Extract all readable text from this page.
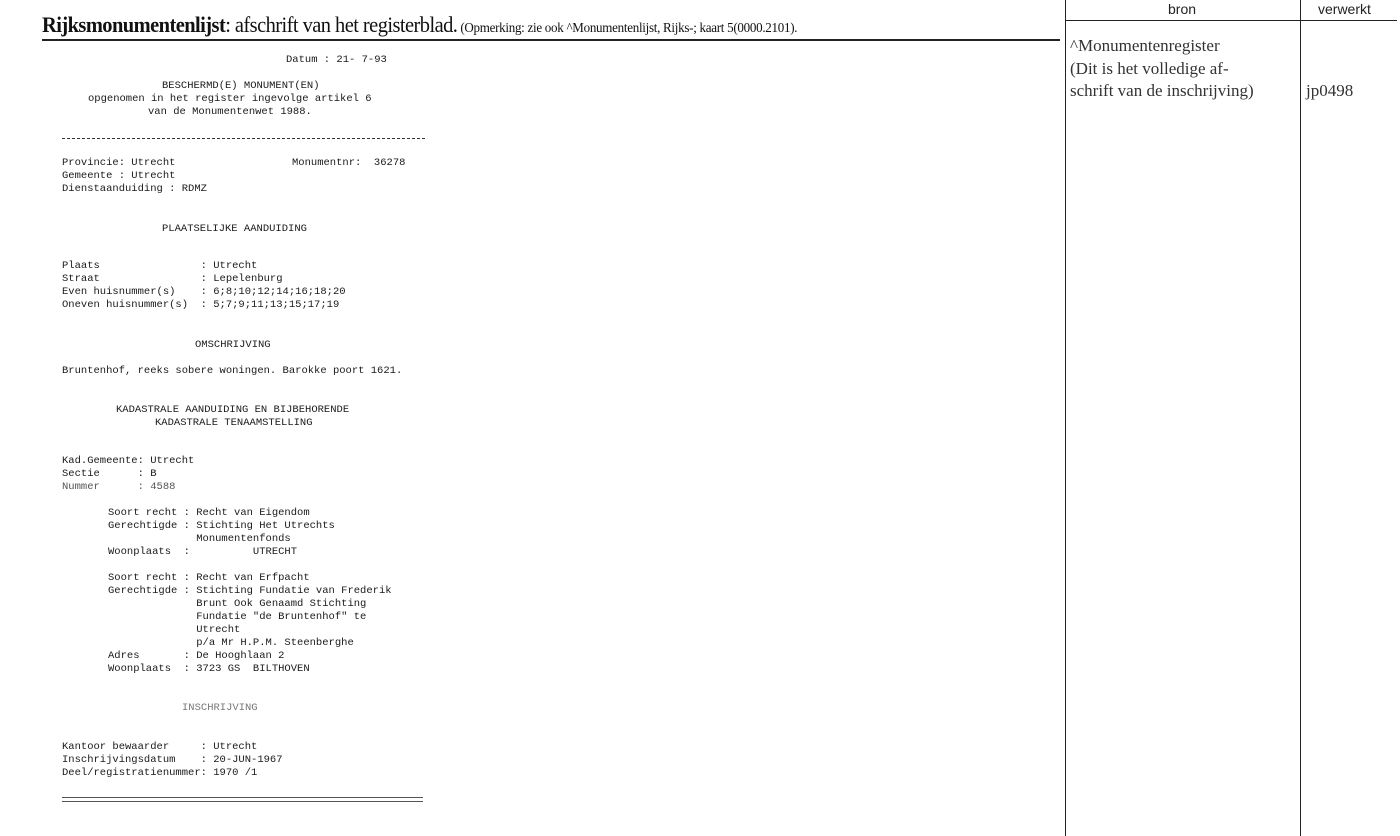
Rijksmonumentenlijst: afschrift van het registerblad. (Opmerking: zie ook ^Monumentenlijst, Rijks-; kaart 5(0000.2101).
Datum : 21- 7-93
BESCHERMD(E) MONUMENT(EN)
opgenomen in het register ingevolge artikel 6
van de Monumentenwet 1988.
Provincie: Utrecht
Gemeente : Utrecht
Dienstaanduiding : RDMZ
Monumentnr:  36278
PLAATSELIJKE AANDUIDING
Plaats                : Utrecht
Straat                : Lepelenburg
Even huisnummer(s)    : 6;8;10;12;14;16;18;20
Oneven huisnummer(s)  : 5;7;9;11;13;15;17;19
OMSCHRIJVING
Bruntenhof, reeks sobere woningen. Barokke poort 1621.
KADASTRALE AANDUIDING EN BIJBEHORENDE
KADASTRALE TENAAMSTELLING
Kad.Gemeente: Utrecht
Sectie      : B
Nummer      : 4588
Soort recht : Recht van Eigendom
Gerechtigde : Stichting Het Utrechts
Monumentenfonds
Woonplaats  :          UTRECHT
Soort recht : Recht van Erfpacht
Gerechtigde : Stichting Fundatie van Frederik
Brunt Ook Genaamd Stichting
Fundatie "de Bruntenhof" te
Utrecht
p/a Mr H.P.M. Steenberghe
Adres       : De Hooghlaan 2
Woonplaats  : 3723 GS  BILTHOVEN
INSCHRIJVING
Kantoor bewaarder     : Utrecht
Inschrijvingsdatum    : 20-JUN-1967
Deel/registratienummer: 1970 /1
bron	verwerkt
^Monumentenregister
(Dit is het volledige af-
schrift van de inschrijving)	jp0498
